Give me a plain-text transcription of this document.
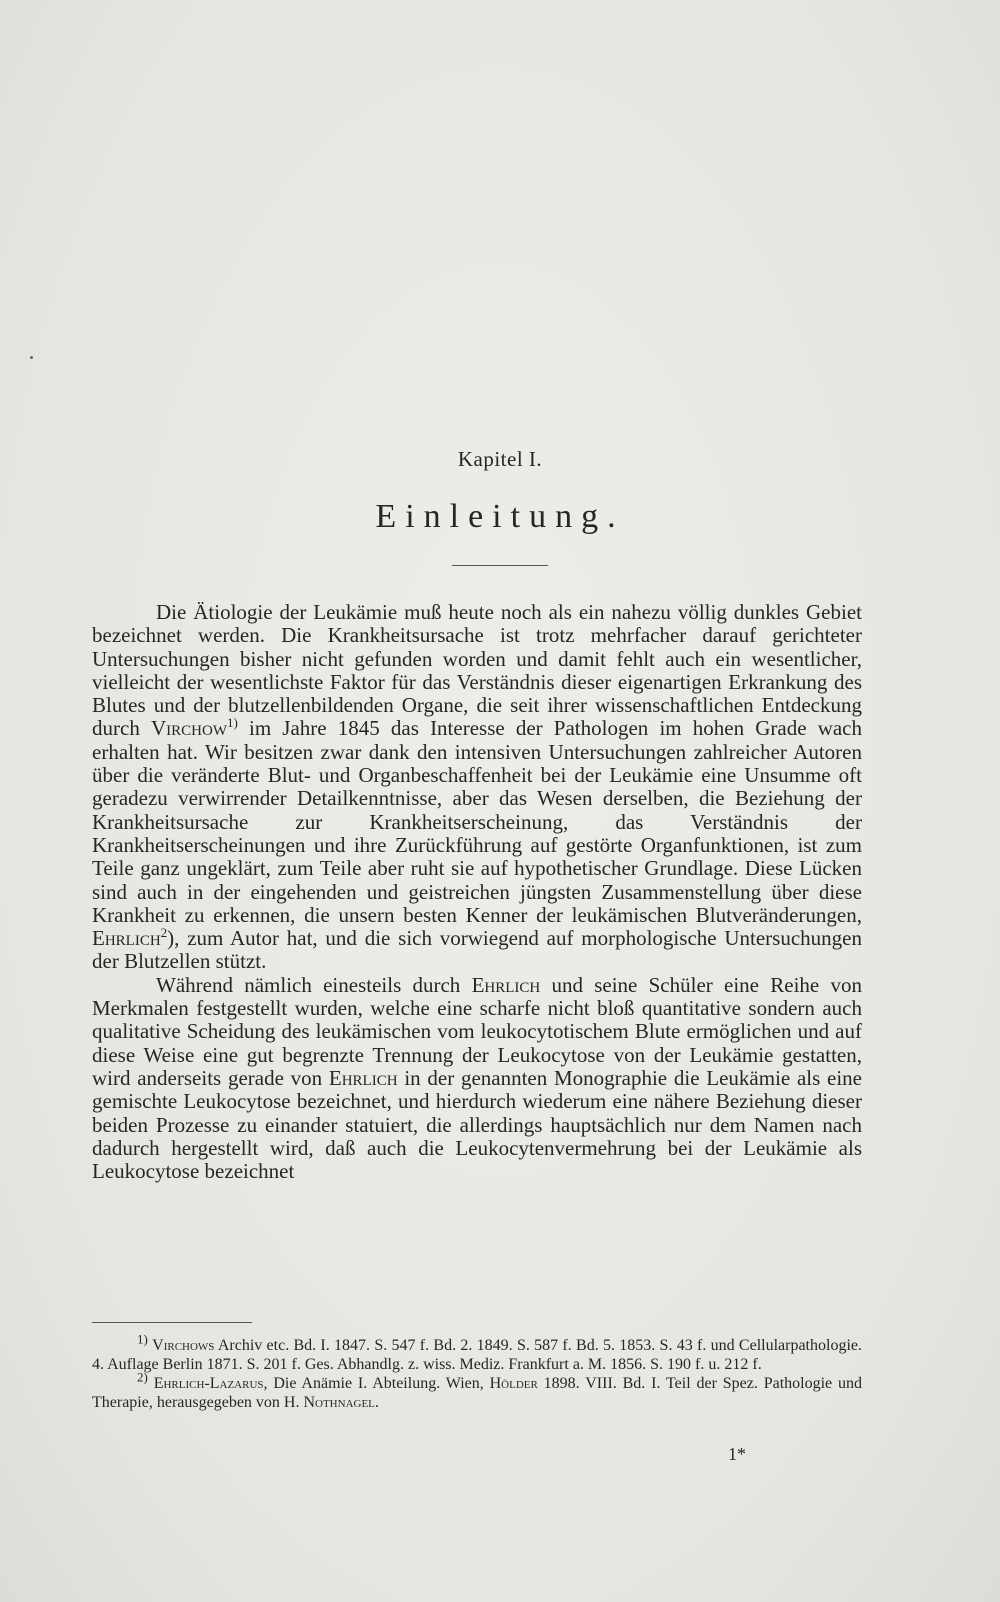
Kapitel I.
Einleitung.

Die Ätiologie der Leukämie muß heute noch als ein nahezu völlig dunkles Gebiet bezeichnet werden. Die Krankheitsursache ist trotz mehrfacher darauf gerichteter Untersuchungen bisher nicht gefunden worden und damit fehlt auch ein wesentlicher, vielleicht der wesentlichste Faktor für das Verständnis dieser eigenartigen Erkrankung des Blutes und der blutzellenbildenden Organe, die seit ihrer wissenschaftlichen Entdeckung durch Virchow$^{1)}$ im Jahre 1845 das Interesse der Pathologen im hohen Grade wach erhalten hat. Wir besitzen zwar dank den intensiven Untersuchungen zahlreicher Autoren über die veränderte Blut- und Organbeschaffenheit bei der Leukämie eine Unsumme oft geradezu verwirrender Detailkenntnisse, aber das Wesen derselben, die Beziehung der Krankheitsursache zur Krankheitserscheinung, das Verständnis der Krankheitserscheinungen und ihre Zurückführung auf gestörte Organfunktionen, ist zum Teile ganz ungeklärt, zum Teile aber ruht sie auf hypothetischer Grundlage. Diese Lücken sind auch in der eingehenden und geistreichen jüngsten Zusammenstellung über diese Krankheit zu erkennen, die unsern besten Kenner der leukämischen Blutveränderungen, Ehrlich$^2$), zum Autor hat, und die sich vorwiegend auf morphologische Untersuchungen der Blutzellen stützt.

Während nämlich einesteils durch Ehrlich und seine Schüler eine Reihe von Merkmalen festgestellt wurden, welche eine scharfe nicht bloß quantitative sondern auch qualitative Scheidung des leukämischen vom leukocytotischem Blute ermöglichen und auf diese Weise eine gut begrenzte Trennung der Leukocytose von der Leukämie gestatten, wird anderseits gerade von Ehrlich in der genannten Monographie die Leukämie als eine gemischte Leukocytose bezeichnet, und hierdurch wiederum eine nähere Beziehung dieser beiden Prozesse zu einander statuiert, die allerdings hauptsächlich nur dem Namen nach dadurch hergestellt wird, daß auch die Leukocytenvermehrung bei der Leukämie als Leukocytose bezeichnet

$^{1)}$ Virchows Archiv etc. Bd. I. 1847. S. 547 f. Bd. 2. 1849. S. 587 f. Bd. 5. 1853. S. 43 f. und Cellularpathologie. 4. Auflage Berlin 1871. S. 201 f. Ges. Abhandlg. z. wiss. Mediz. Frankfurt a. M. 1856. S. 190 f. u. 212 f.

$^{2)}$ Ehrlich-Lazarus, Die Anämie I. Abteilung. Wien, Hölder 1898. VIII. Bd. I. Teil der Spez. Pathologie und Therapie, herausgegeben von H. Nothnagel.

1*
